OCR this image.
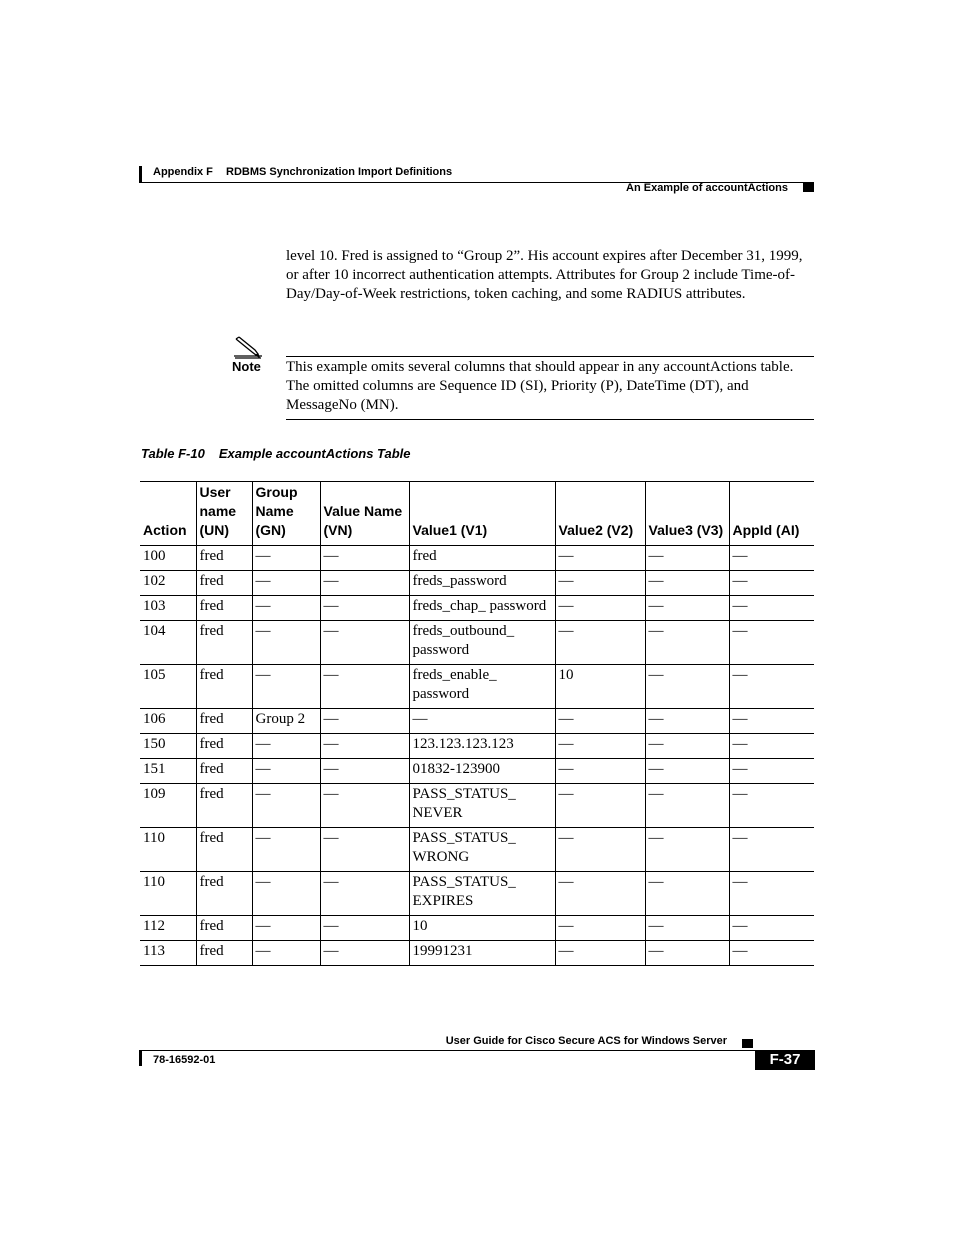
Appendix F RDBMS Synchronization Import Definitions
An Example of accountActions
level 10. Fred is assigned to “Group 2”. His account expires after December 31, 1999, or after 10 incorrect authentication attempts. Attributes for Group 2 include Time-of-Day/Day-of-Week restrictions, token caching, and some RADIUS attributes.
Note This example omits several columns that should appear in any accountActions table. The omitted columns are Sequence ID (SI), Priority (P), DateTime (DT), and MessageNo (MN).
Table F-10 Example accountActions Table
Action	User name (UN)	Group Name (GN)	Value Name (VN)	Value1 (V1)	Value2 (V2)	Value3 (V3)	AppId (AI)
100	fred	—	—	fred	—	—	—
102	fred	—	—	freds_password	—	—	—
103	fred	—	—	freds_chap_ password	—	—	—
104	fred	—	—	freds_outbound_ password	—	—	—
105	fred	—	—	freds_enable_ password	10	—	—
106	fred	Group 2	—	—	—	—	—
150	fred	—	—	123.123.123.123	—	—	—
151	fred	—	—	01832-123900	—	—	—
109	fred	—	—	PASS_STATUS_ NEVER	—	—	—
110	fred	—	—	PASS_STATUS_ WRONG	—	—	—
110	fred	—	—	PASS_STATUS_ EXPIRES	—	—	—
112	fred	—	—	10	—	—	—
113	fred	—	—	19991231	—	—	—
User Guide for Cisco Secure ACS for Windows Server
78-16592-01	F-37
